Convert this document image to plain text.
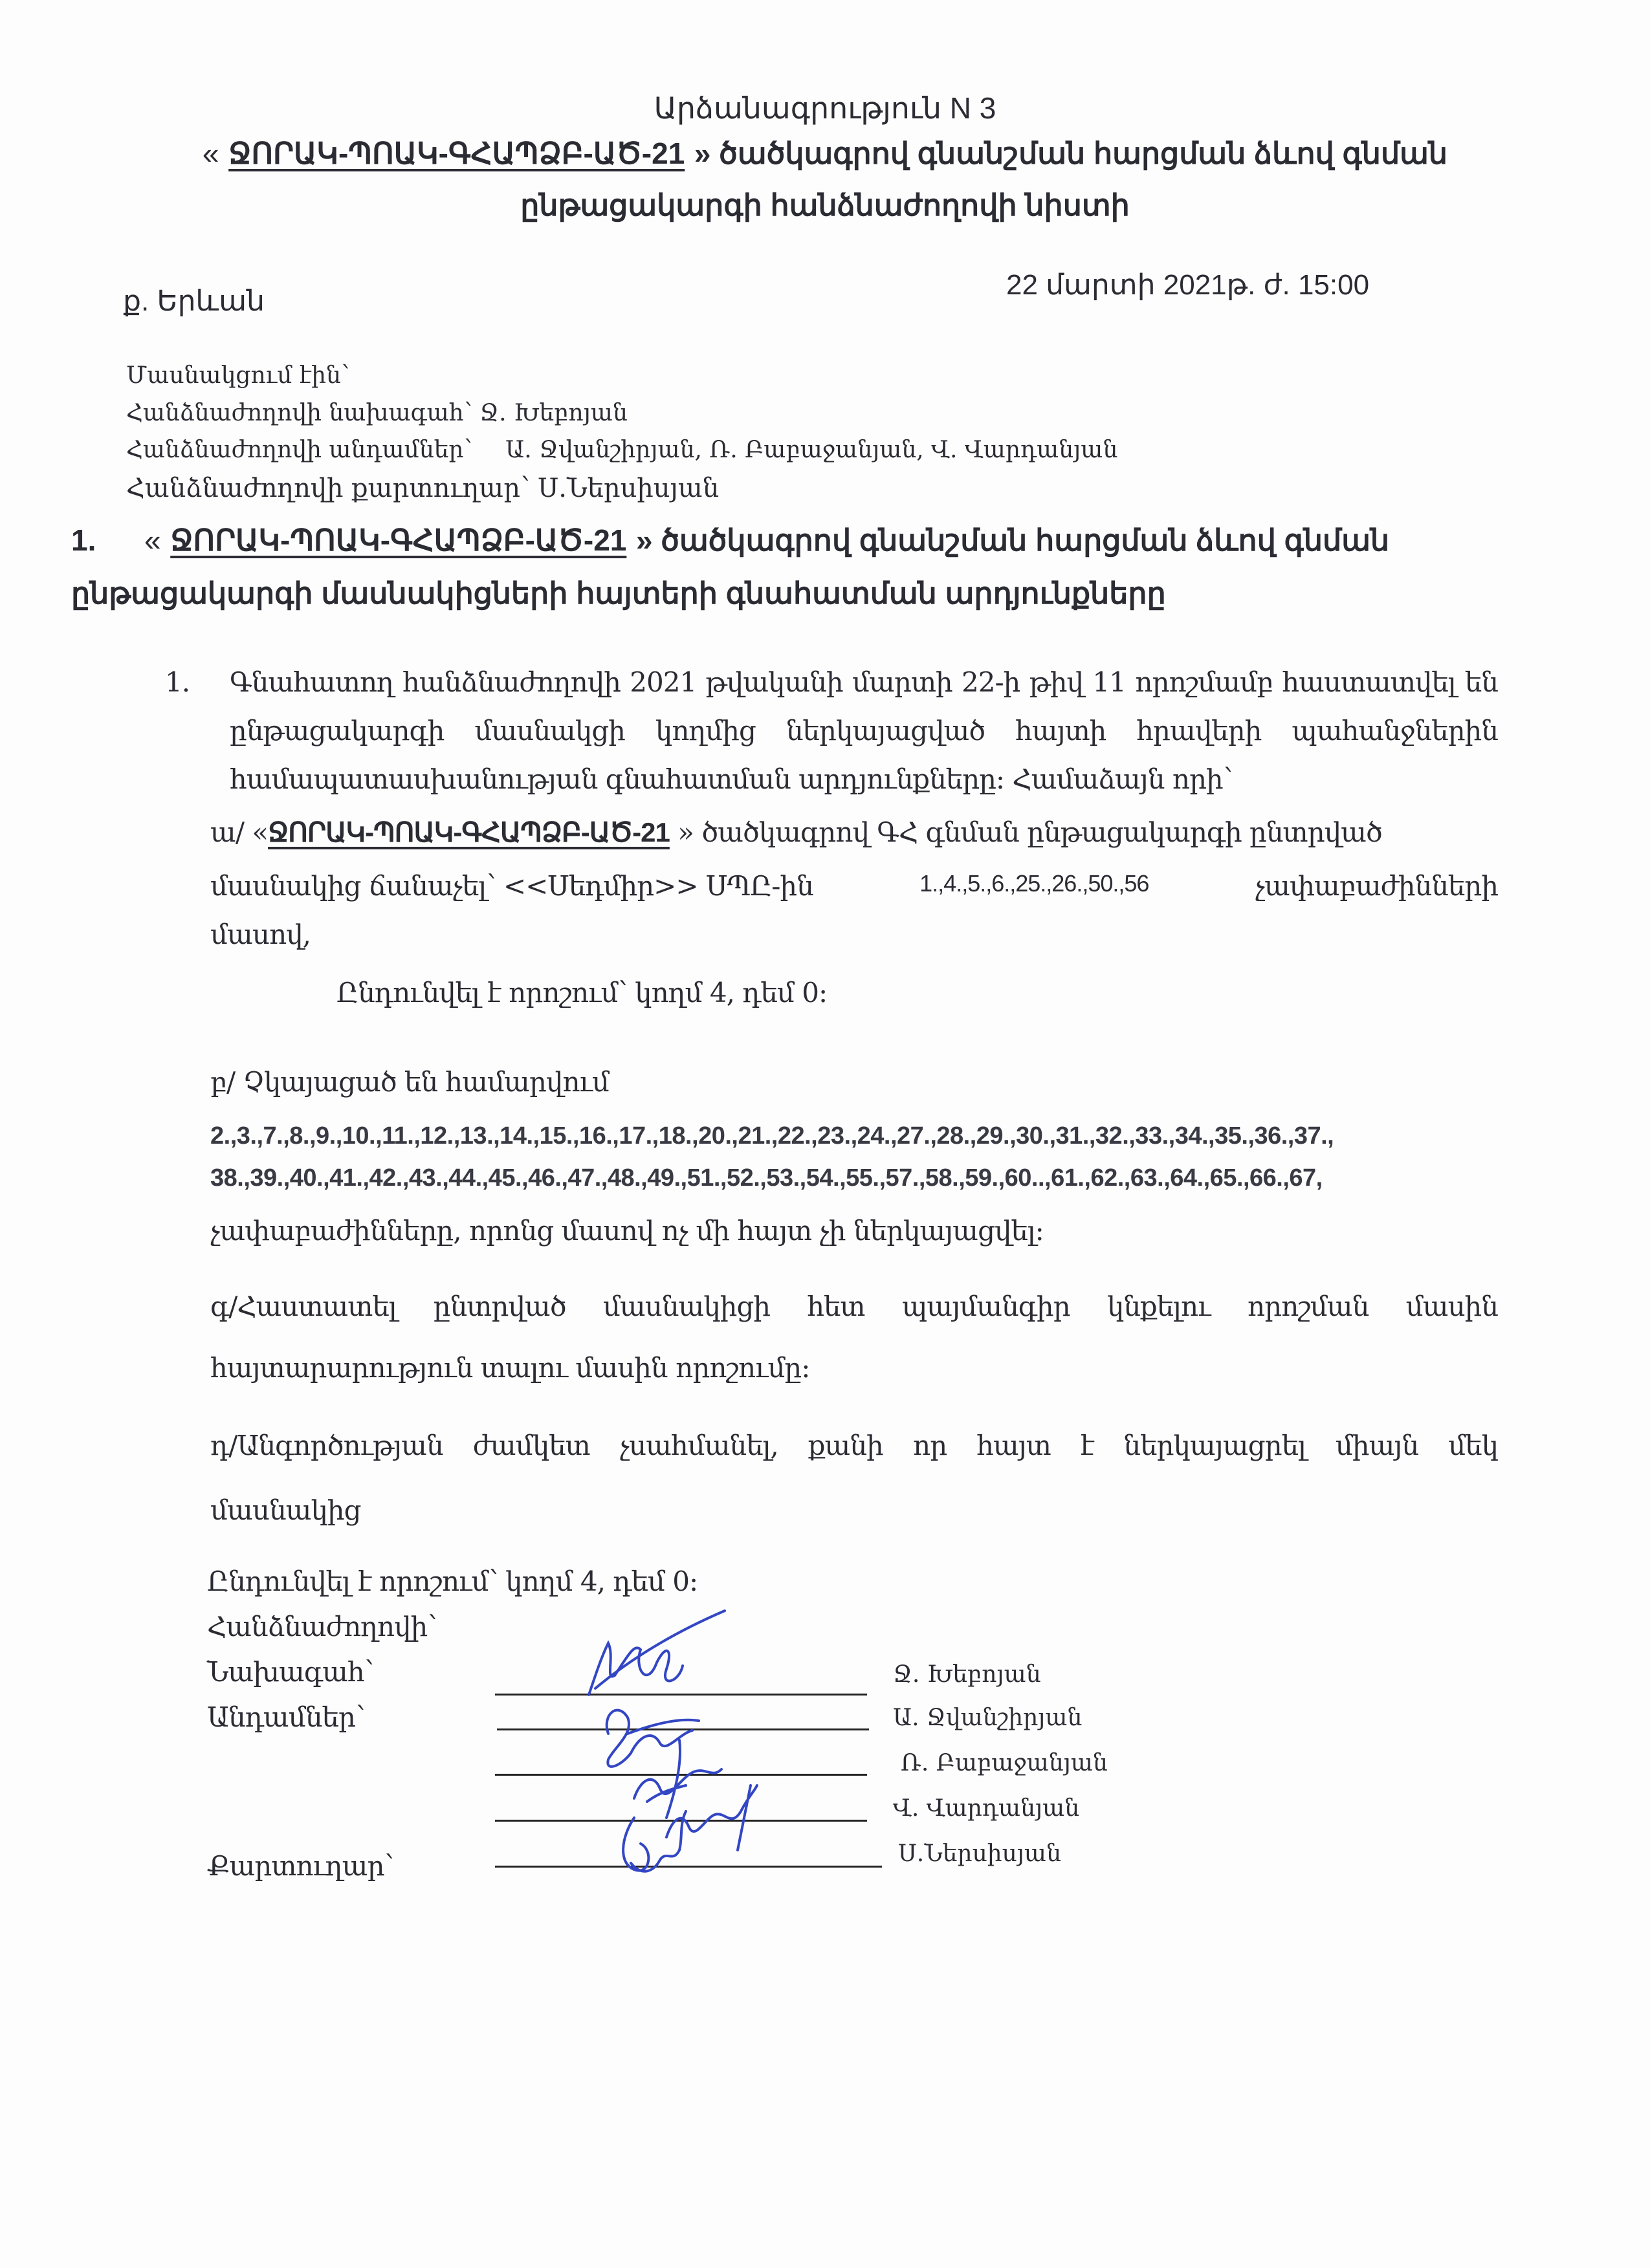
Արձանագրություն N 3
« ՋՈՐԱԿ-ՊՈԱԿ-ԳՀԱՊՁԲ-ԱԾ-21 » ծածկագրով գնանշման հարցման ձևով գնման
ընթացակարգի հանձնաժողովի նիստի
ք. Երևան
22 մարտի 2021թ. ժ. 15:00
Մասնակցում էին՝
Հանձնաժողովի նախագահ՝ Ջ. Խեբոյան
Հանձնաժողովի անդամներ՝ Ա. Ջվանշիրյան, Ռ. Բաբաջանյան, Վ. Վարդանյան
Հանձնաժողովի քարտուղար՝ Ս.Ներսիսյան
1. « ՋՈՐԱԿ-ՊՈԱԿ-ԳՀԱՊՁԲ-ԱԾ-21 » ծածկագրով գնանշման հարցման ձևով գնման
ընթացակարգի մասնակիցների հայտերի գնահատման արդյունքները
1. Գնահատող հանձնաժողովի 2021 թվականի մարտի 22-ի թիվ 11 որոշմամբ հաստատվել են
ընթացակարգի մասնակցի կողմից ներկայացված հայտի հրավերի պահանջներին
համապատասխանության գնահատման արդյունքները: Համաձայն որի՝
ա/ «ՋՈՐԱԿ-ՊՈԱԿ-ԳՀԱՊՁԲ-ԱԾ-21 » ծածկագրով ԳՀ գնման ընթացակարգի ընտրված
մասնակից ճանաչել՝ <<Սեդմիր>> ՍՊԸ-ին	1.,4.,5.,6.,25.,26.,50.,56	չափաբաժինների
մասով,
Ընդունվել է որոշում՝ կողմ 4, դեմ 0:
բ/ Չկայացած են համարվում
2.,3.,7.,8.,9.,10.,11.,12.,13.,14.,15.,16.,17.,18.,20.,21.,22.,23.,24.,27.,28.,29.,30.,31.,32.,33.,34.,35.,36.,37.,
38.,39.,40.,41.,42.,43.,44.,45.,46.,47.,48.,49.,51.,52.,53.,54.,55.,57.,58.,59.,60..,61.,62.,63.,64.,65.,66.,67,
չափաբաժինները, որոնց մասով ոչ մի հայտ չի ներկայացվել:
գ/Հաստատել ընտրված մասնակիցի հետ պայմանգիր կնքելու որոշման մասին
հայտարարություն տալու մասին որոշումը:
դ/Անգործության ժամկետ չսահմանել, քանի որ հայտ է ներկայացրել միայն մեկ
մասնակից
Ընդունվել է որոշում՝ կողմ 4, դեմ 0:
Հանձնաժողովի՝
Նախագահ՝
Անդամներ՝
Քարտուղար՝
Ջ. Խեբոյան
Ա. Ջվանշիրյան
Ռ. Բաբաջանյան
Վ. Վարդանյան
Ս.Ներսիսյան
